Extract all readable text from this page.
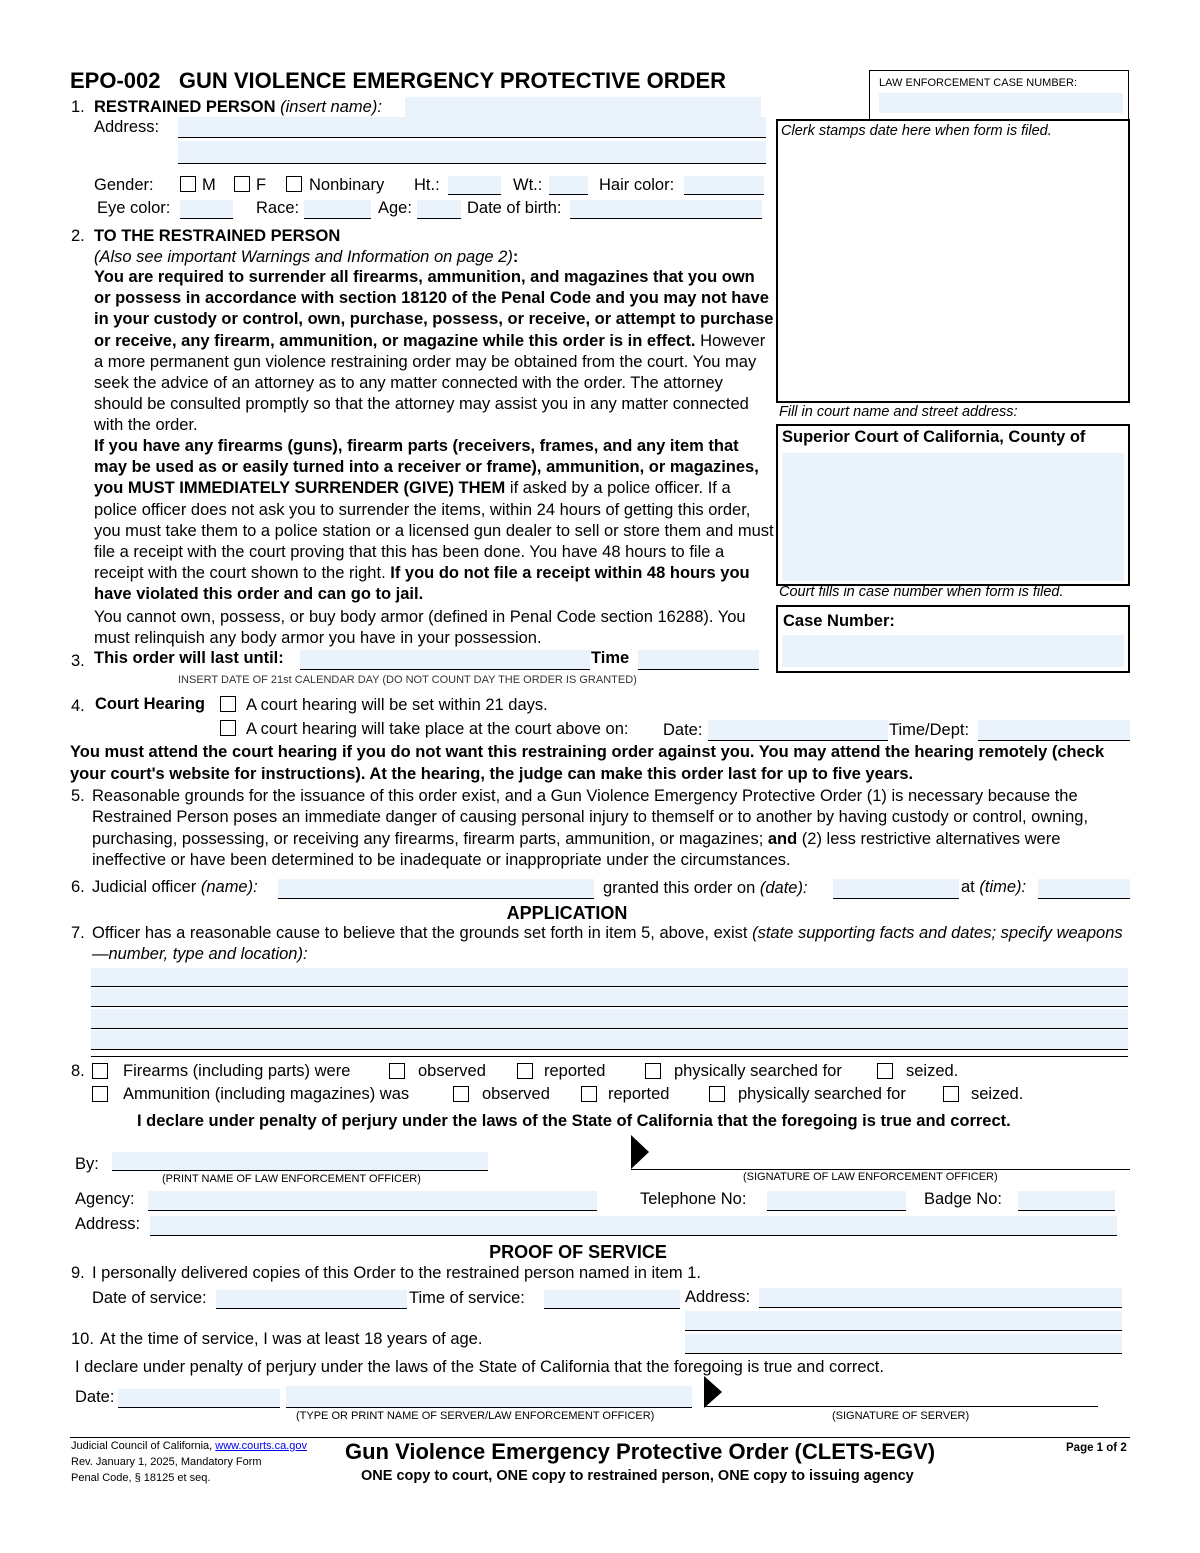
EPO-002 GUN VIOLENCE EMERGENCY PROTECTIVE ORDER	LAW ENFORCEMENT CASE NUMBER:
Clerk stamps date here when form is filed.
Fill in court name and street address:
Superior Court of California, County of
Court fills in case number when form is filed.
Case Number:
1. RESTRAINED PERSON (insert name):
Address:
Gender:	M F	Nonbinary Ht.:	Wt.:	Hair color:
Eye color:	Race:	Age:	Date of birth:
2. TO THE RESTRAINED PERSON
(Also see important Warnings and Information on page 2):
You are required to surrender all firearms, ammunition, and magazines that you own or possess in accordance with section 18120 of the Penal Code and you may not have in your custody or control, own, purchase, possess, or receive, or attempt to purchase or receive, any firearm, ammunition, or magazine while this order is in effect. However a more permanent gun violence restraining order may be obtained from the court. You may seek the advice of an attorney as to any matter connected with the order. The attorney should be consulted promptly so that the attorney may assist you in any matter connected with the order.
If you have any firearms (guns), firearm parts (receivers, frames, and any item that may be used as or easily turned into a receiver or frame), ammunition, or magazines, you MUST IMMEDIATELY SURRENDER (GIVE) THEM if asked by a police officer. If a police officer does not ask you to surrender the items, within 24 hours of getting this order, you must take them to a police station or a licensed gun dealer to sell or store them and must file a receipt with the court proving that this has been done. You have 48 hours to file a receipt with the court shown to the right. If you do not file a receipt within 48 hours you have violated this order and can go to jail.
You cannot own, possess, or buy body armor (defined in Penal Code section 16288). You must relinquish any body armor you have in your possession.
3. This order will last until:	Time
INSERT DATE OF 21st CALENDAR DAY (DO NOT COUNT DAY THE ORDER IS GRANTED)
4. Court Hearing A court hearing will be set within 21 days.
A court hearing will take place at the court above on: Date:	Time/Dept:
You must attend the court hearing if you do not want this restraining order against you. You may attend the hearing remotely (check your court's website for instructions). At the hearing, the judge can make this order last for up to five years.
5. Reasonable grounds for the issuance of this order exist, and a Gun Violence Emergency Protective Order (1) is necessary because the Restrained Person poses an immediate danger of causing personal injury to themself or to another by having custody or control, owning, purchasing, possessing, or receiving any firearms, firearm parts, ammunition, or magazines; and (2) less restrictive alternatives were ineffective or have been determined to be inadequate or inappropriate under the circumstances.
6. Judicial officer (name):	granted this order on (date):	at (time):
APPLICATION
7. Officer has a reasonable cause to believe that the grounds set forth in item 5, above, exist (state supporting facts and dates; specify weapons—number, type and location):
8. Firearms (including parts) were	observed	reported	physically searched for	seized.
Ammunition (including magazines) was	observed	reported	physically searched for	seized.
I declare under penalty of perjury under the laws of the State of California that the foregoing is true and correct.
By:
(PRINT NAME OF LAW ENFORCEMENT OFFICER)	(SIGNATURE OF LAW ENFORCEMENT OFFICER)
Agency:	Telephone No:	Badge No:
Address:
PROOF OF SERVICE
9. I personally delivered copies of this Order to the restrained person named in item 1.
Date of service:	Time of service:	Address:
10. At the time of service, I was at least 18 years of age.
I declare under penalty of perjury under the laws of the State of California that the foregoing is true and correct.
Date:
(TYPE OR PRINT NAME OF SERVER/LAW ENFORCEMENT OFFICER)	(SIGNATURE OF SERVER)
Judicial Council of California, www.courts.ca.gov
Rev. January 1, 2025, Mandatory Form
Penal Code, § 18125 et seq.
Gun Violence Emergency Protective Order (CLETS-EGV)
ONE copy to court, ONE copy to restrained person, ONE copy to issuing agency
Page 1 of 2
